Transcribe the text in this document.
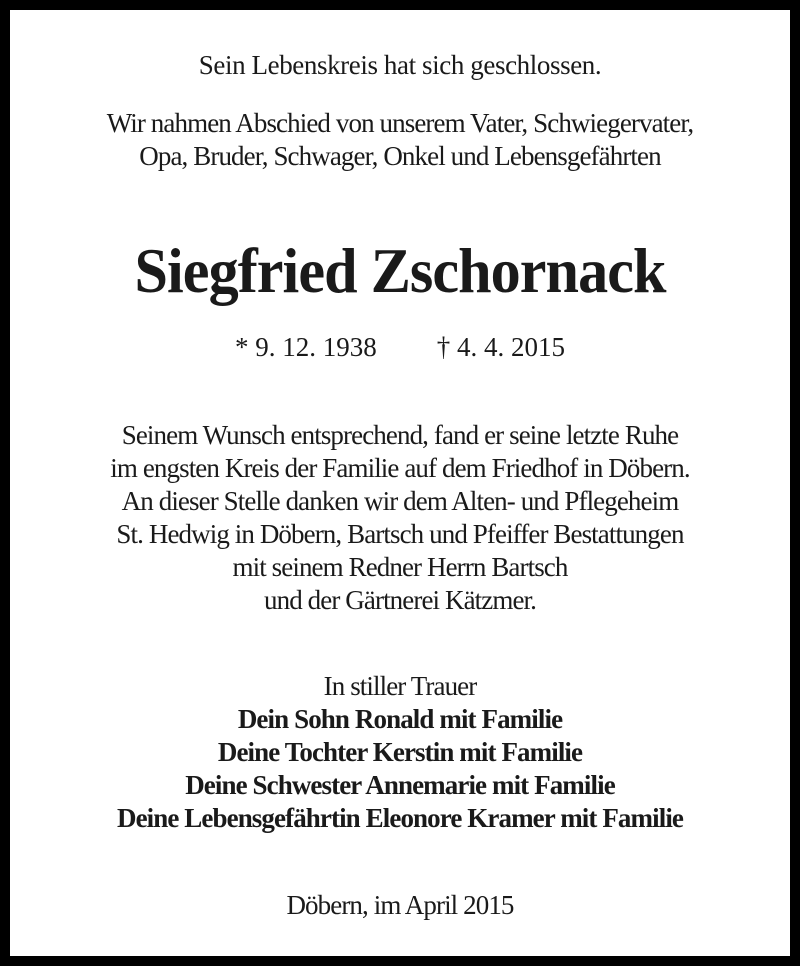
Sein Lebenskreis hat sich geschlossen.
Wir nahmen Abschied von unserem Vater, Schwiegervater,
Opa, Bruder, Schwager, Onkel und Lebensgefährten
Siegfried Zschornack
* 9. 12. 1938 † 4. 4. 2015
Seinem Wunsch entsprechend, fand er seine letzte Ruhe
im engsten Kreis der Familie auf dem Friedhof in Döbern.
An dieser Stelle danken wir dem Alten- und Pflegeheim
St. Hedwig in Döbern, Bartsch und Pfeiffer Bestattungen
mit seinem Redner Herrn Bartsch
und der Gärtnerei Kätzmer.
In stiller Trauer
Dein Sohn Ronald mit Familie
Deine Tochter Kerstin mit Familie
Deine Schwester Annemarie mit Familie
Deine Lebensgefährtin Eleonore Kramer mit Familie
Döbern, im April 2015
